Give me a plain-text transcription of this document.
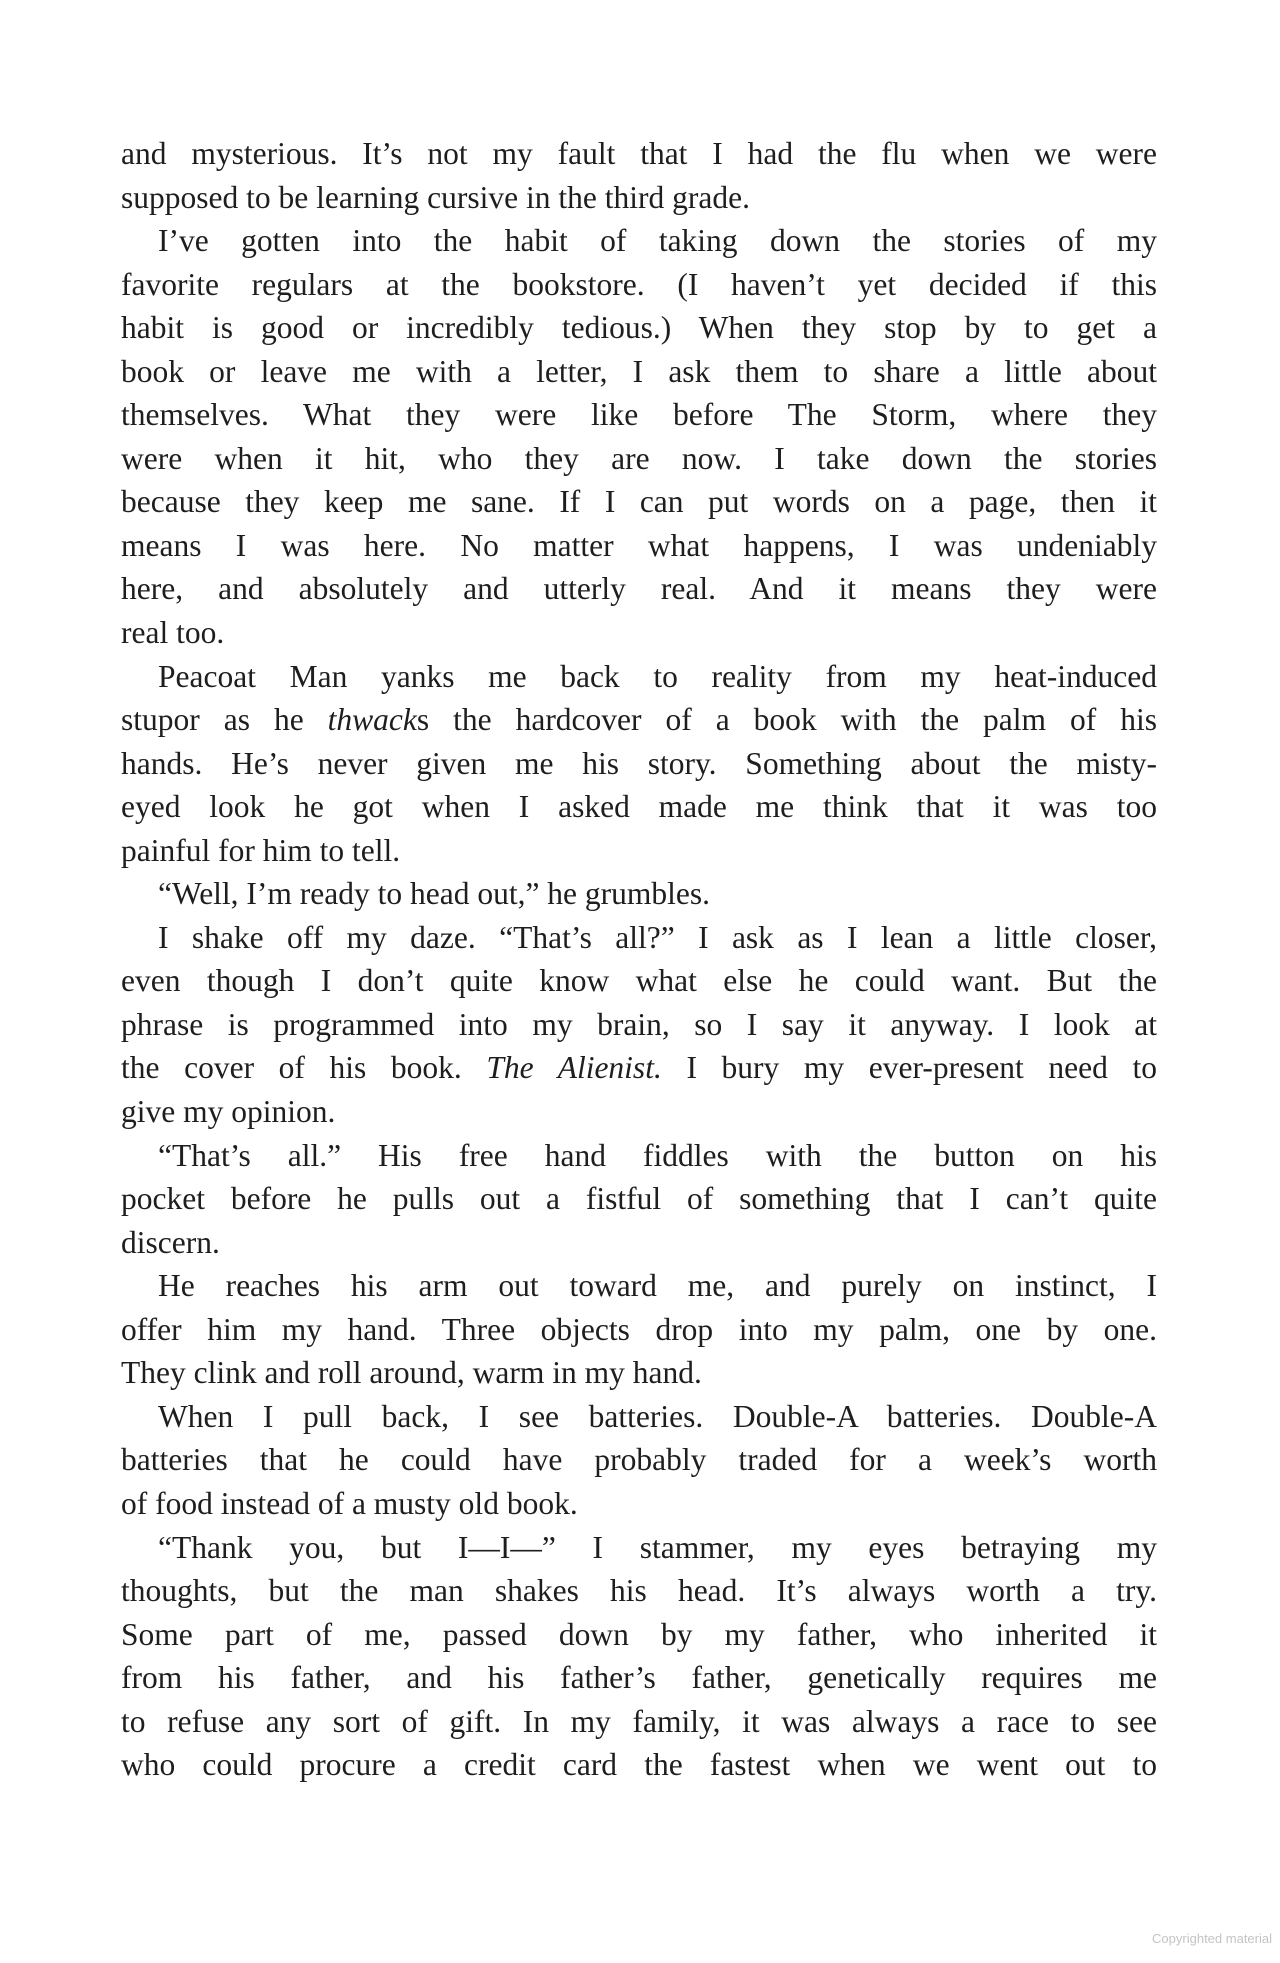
and mysterious. It’s not my fault that I had the flu when we were
supposed to be learning cursive in the third grade.
I’ve gotten into the habit of taking down the stories of my
favorite regulars at the bookstore. (I haven’t yet decided if this
habit is good or incredibly tedious.) When they stop by to get a
book or leave me with a letter, I ask them to share a little about
themselves. What they were like before The Storm, where they
were when it hit, who they are now. I take down the stories
because they keep me sane. If I can put words on a page, then it
means I was here. No matter what happens, I was undeniably
here, and absolutely and utterly real. And it means they were
real too.
Peacoat Man yanks me back to reality from my heat-induced
stupor as he thwacks the hardcover of a book with the palm of his
hands. He’s never given me his story. Something about the misty-
eyed look he got when I asked made me think that it was too
painful for him to tell.
“Well, I’m ready to head out,” he grumbles.
I shake off my daze. “That’s all?” I ask as I lean a little closer,
even though I don’t quite know what else he could want. But the
phrase is programmed into my brain, so I say it anyway. I look at
the cover of his book. The Alienist. I bury my ever-present need to
give my opinion.
“That’s all.” His free hand fiddles with the button on his
pocket before he pulls out a fistful of something that I can’t quite
discern.
He reaches his arm out toward me, and purely on instinct, I
offer him my hand. Three objects drop into my palm, one by one.
They clink and roll around, warm in my hand.
When I pull back, I see batteries. Double-A batteries. Double-A
batteries that he could have probably traded for a week’s worth
of food instead of a musty old book.
“Thank you, but I—I—” I stammer, my eyes betraying my
thoughts, but the man shakes his head. It’s always worth a try.
Some part of me, passed down by my father, who inherited it
from his father, and his father’s father, genetically requires me
to refuse any sort of gift. In my family, it was always a race to see
who could procure a credit card the fastest when we went out to
Copyrighted material
